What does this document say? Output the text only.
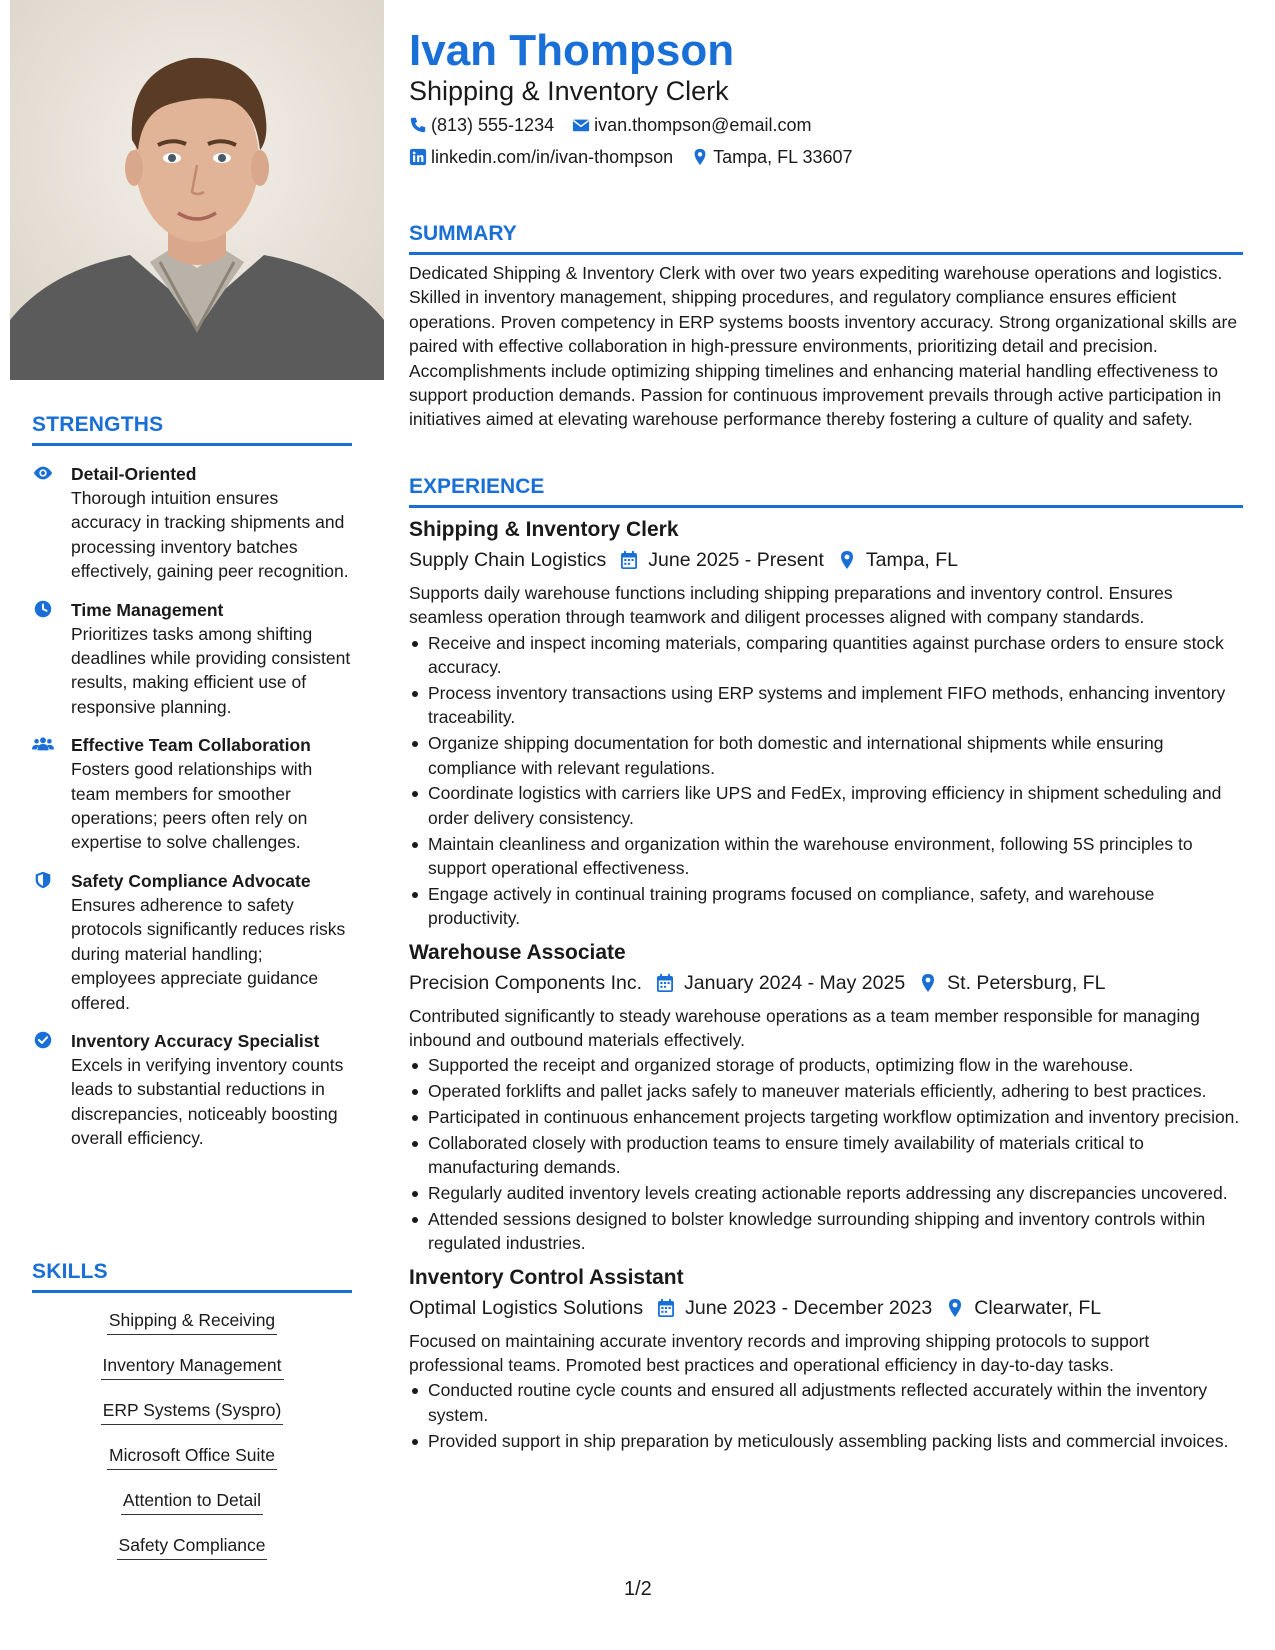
STRENGTHS
Detail-Oriented
Thorough intuition ensures accuracy in tracking shipments and processing inventory batches effectively, gaining peer recognition.
Time Management
Prioritizes tasks among shifting deadlines while providing consistent results, making efficient use of responsive planning.
Effective Team Collaboration
Fosters good relationships with team members for smoother operations; peers often rely on expertise to solve challenges.
Safety Compliance Advocate
Ensures adherence to safety protocols significantly reduces risks during material handling; employees appreciate guidance offered.
Inventory Accuracy Specialist
Excels in verifying inventory counts leads to substantial reductions in discrepancies, noticeably boosting overall efficiency.
SKILLS
Shipping & Receiving
Inventory Management
ERP Systems (Syspro)
Microsoft Office Suite
Attention to Detail
Safety Compliance
Ivan Thompson
Shipping & Inventory Clerk
(813) 555-1234 ivan.thompson@email.com
linkedin.com/in/ivan-thompson Tampa, FL 33607
SUMMARY
Dedicated Shipping & Inventory Clerk with over two years expediting warehouse operations and logistics. Skilled in inventory management, shipping procedures, and regulatory compliance ensures efficient operations. Proven competency in ERP systems boosts inventory accuracy. Strong organizational skills are paired with effective collaboration in high-pressure environments, prioritizing detail and precision. Accomplishments include optimizing shipping timelines and enhancing material handling effectiveness to support production demands. Passion for continuous improvement prevails through active participation in initiatives aimed at elevating warehouse performance thereby fostering a culture of quality and safety.
EXPERIENCE
Shipping & Inventory Clerk
Supply Chain Logistics June 2025 - Present Tampa, FL
Supports daily warehouse functions including shipping preparations and inventory control. Ensures seamless operation through teamwork and diligent processes aligned with company standards.
Receive and inspect incoming materials, comparing quantities against purchase orders to ensure stock accuracy.
Process inventory transactions using ERP systems and implement FIFO methods, enhancing inventory traceability.
Organize shipping documentation for both domestic and international shipments while ensuring compliance with relevant regulations.
Coordinate logistics with carriers like UPS and FedEx, improving efficiency in shipment scheduling and order delivery consistency.
Maintain cleanliness and organization within the warehouse environment, following 5S principles to support operational effectiveness.
Engage actively in continual training programs focused on compliance, safety, and warehouse productivity.
Warehouse Associate
Precision Components Inc. January 2024 - May 2025 St. Petersburg, FL
Contributed significantly to steady warehouse operations as a team member responsible for managing inbound and outbound materials effectively.
Supported the receipt and organized storage of products, optimizing flow in the warehouse.
Operated forklifts and pallet jacks safely to maneuver materials efficiently, adhering to best practices.
Participated in continuous enhancement projects targeting workflow optimization and inventory precision.
Collaborated closely with production teams to ensure timely availability of materials critical to manufacturing demands.
Regularly audited inventory levels creating actionable reports addressing any discrepancies uncovered.
Attended sessions designed to bolster knowledge surrounding shipping and inventory controls within regulated industries.
Inventory Control Assistant
Optimal Logistics Solutions June 2023 - December 2023 Clearwater, FL
Focused on maintaining accurate inventory records and improving shipping protocols to support professional teams. Promoted best practices and operational efficiency in day-to-day tasks.
Conducted routine cycle counts and ensured all adjustments reflected accurately within the inventory system.
Provided support in ship preparation by meticulously assembling packing lists and commercial invoices.
1/2
